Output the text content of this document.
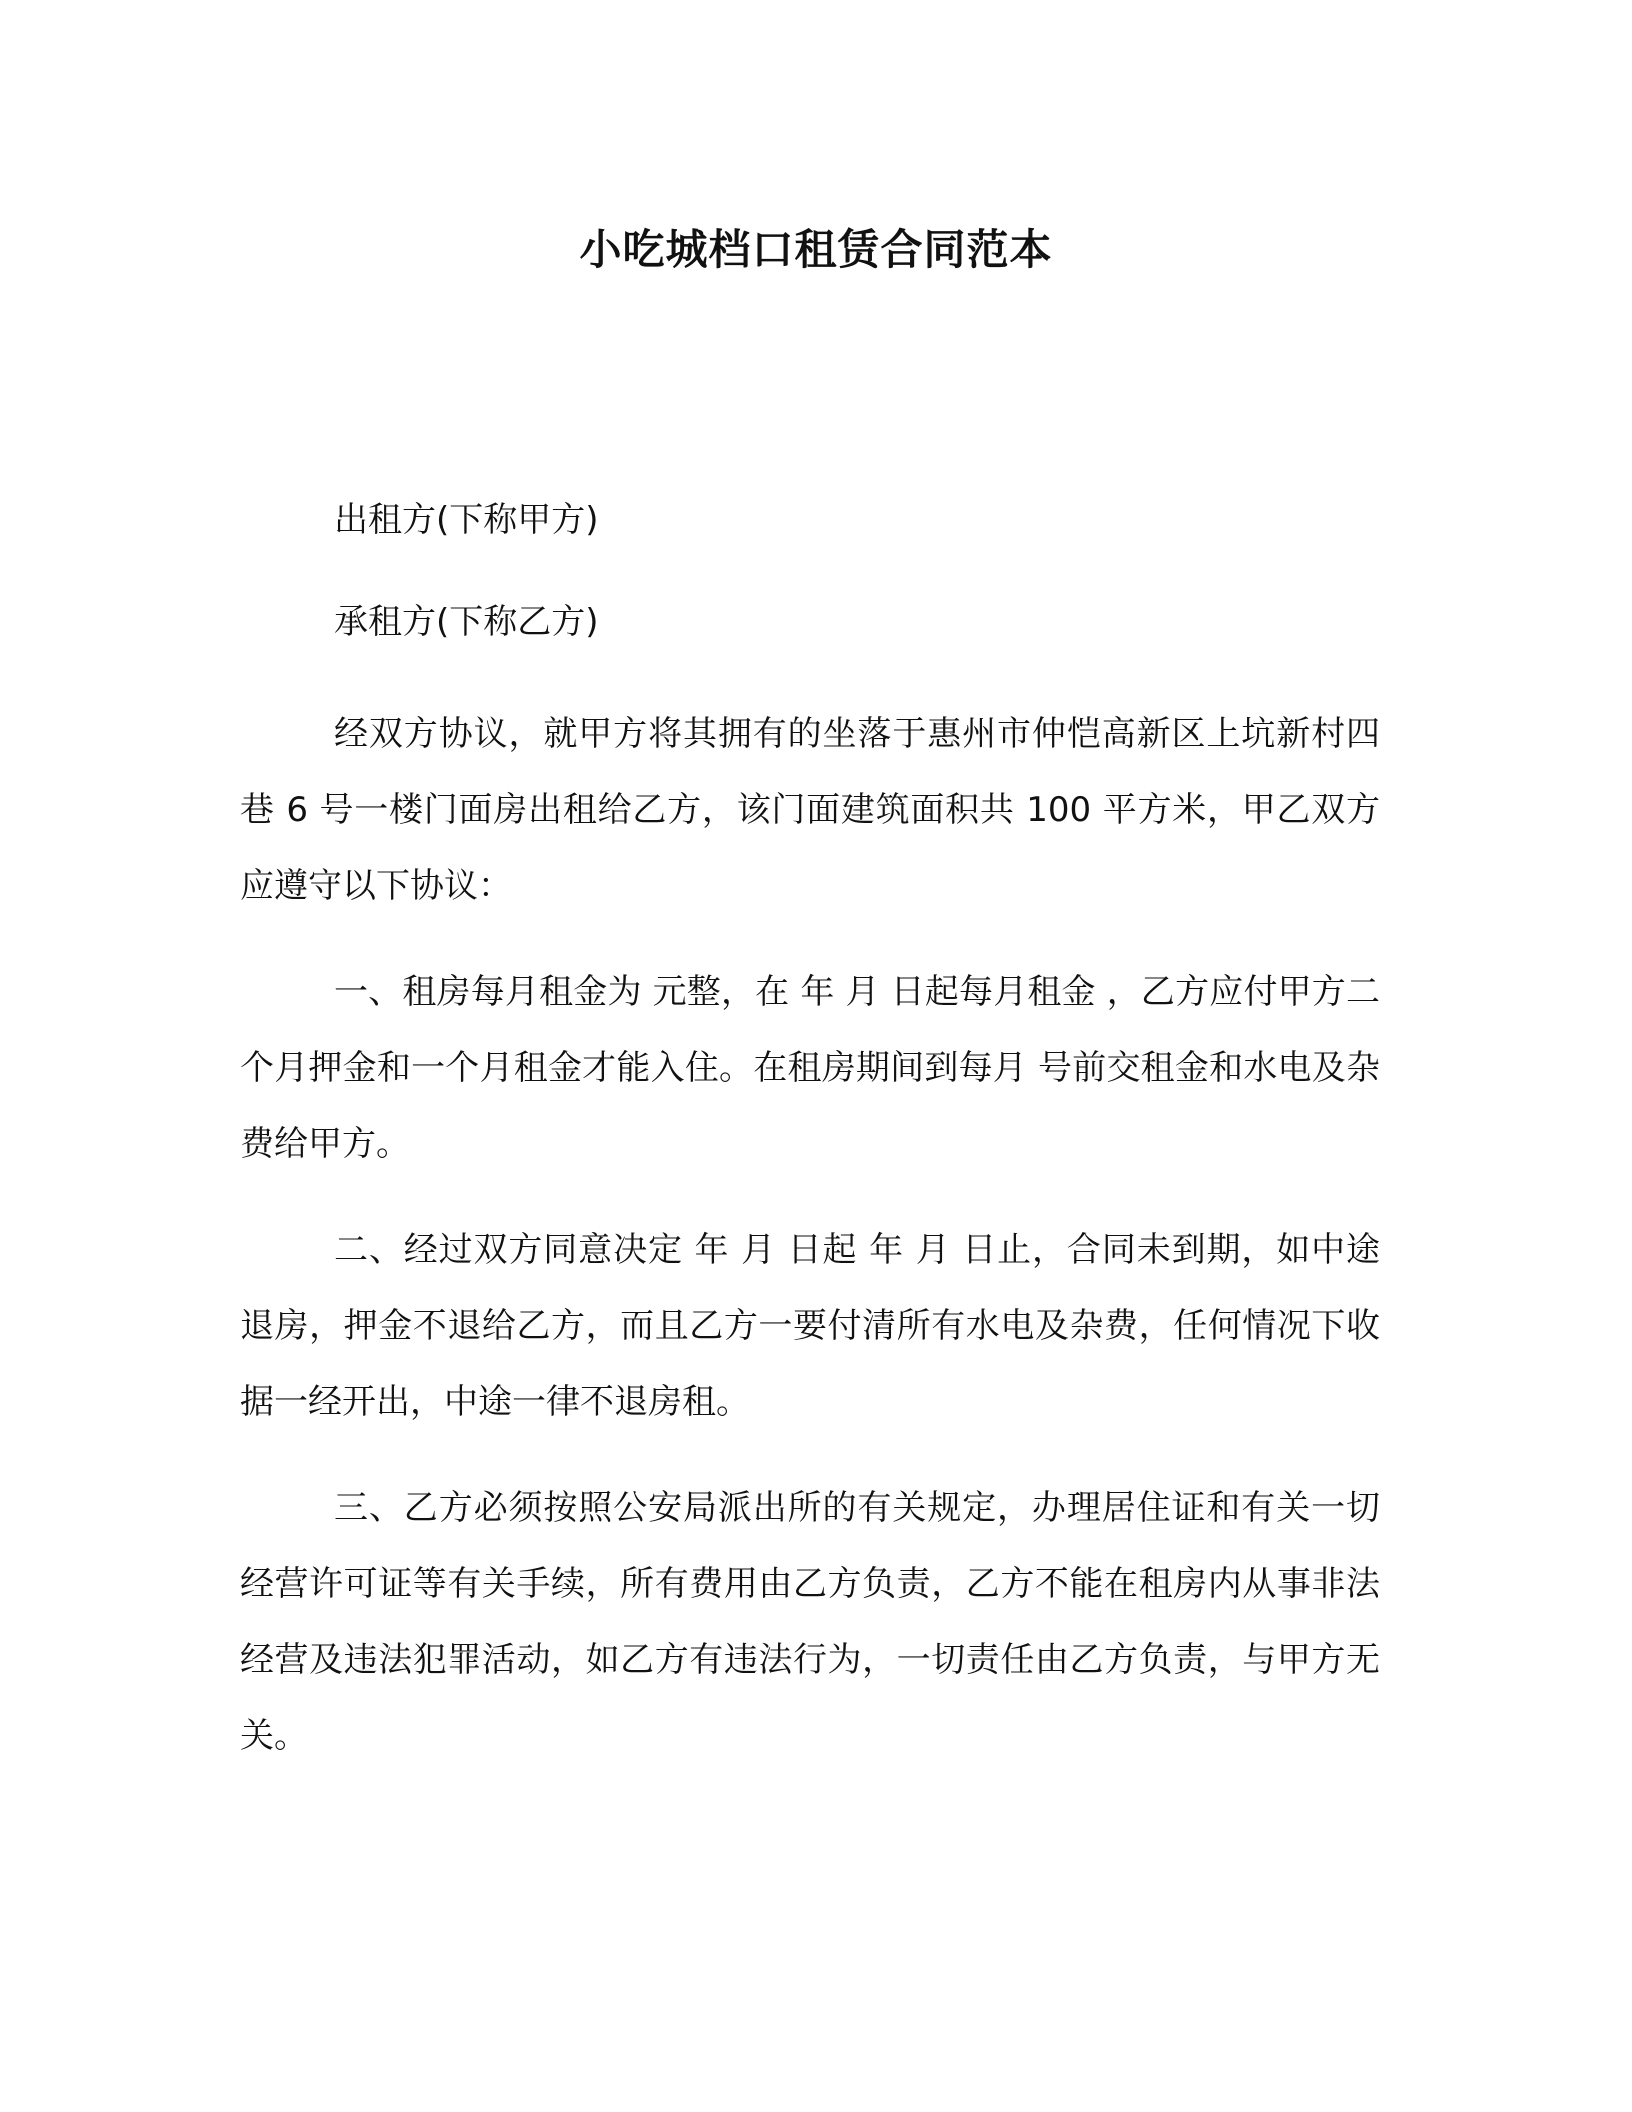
小吃城档口租赁合同范本

出租方(下称甲方)

承租方(下称乙方)

经双方协议，就甲方将其拥有的坐落于惠州市仲恺高新区上坑新村四巷 6 号一楼门面房出租给乙方，该门面建筑面积共 100 平方米，甲乙双方应遵守以下协议：

一、租房每月租金为 元整，在 年 月 日起每月租金 ，乙方应付甲方二个月押金和一个月租金才能入住。在租房期间到每月 号前交租金和水电及杂费给甲方。

二、经过双方同意决定 年 月 日起 年 月 日止，合同未到期，如中途退房，押金不退给乙方，而且乙方一要付清所有水电及杂费，任何情况下收据一经开出，中途一律不退房租。

三、乙方必须按照公安局派出所的有关规定，办理居住证和有关一切经营许可证等有关手续，所有费用由乙方负责，乙方不能在租房内从事非法经营及违法犯罪活动，如乙方有违法行为，一切责任由乙方负责，与甲方无关。
